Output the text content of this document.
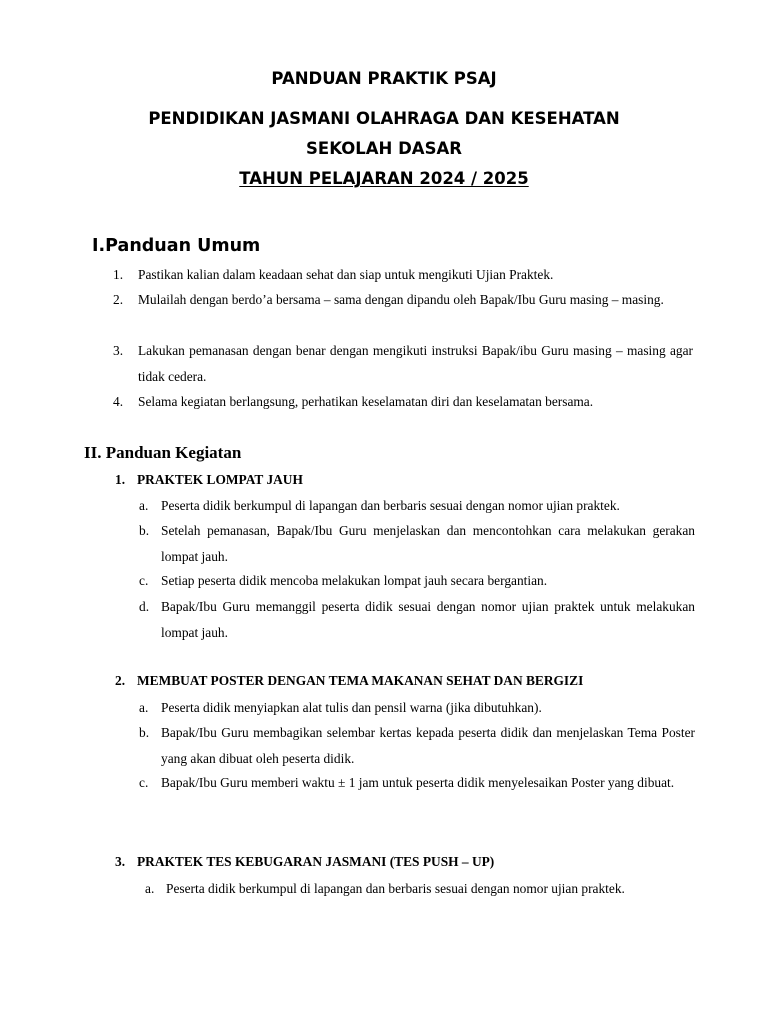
PANDUAN PRAKTIK PSAJ
PENDIDIKAN JASMANI OLAHRAGA DAN KESEHATAN
SEKOLAH DASAR
TAHUN PELAJARAN 2024 / 2025
I.Panduan Umum
1. Pastikan kalian dalam keadaan sehat dan siap untuk mengikuti Ujian Praktek.
2. Mulailah dengan berdo’a bersama – sama dengan dipandu oleh Bapak/Ibu Guru masing – masing.
3. Lakukan pemanasan dengan benar dengan mengikuti instruksi Bapak/ibu Guru masing – masing agar tidak cedera.
4. Selama kegiatan berlangsung, perhatikan keselamatan diri dan keselamatan bersama.
II. Panduan Kegiatan
1. PRAKTEK LOMPAT JAUH
a. Peserta didik berkumpul di lapangan dan berbaris sesuai dengan nomor ujian praktek.
b. Setelah pemanasan, Bapak/Ibu Guru menjelaskan dan mencontohkan cara melakukan gerakan lompat jauh.
c. Setiap peserta didik mencoba melakukan lompat jauh secara bergantian.
d. Bapak/Ibu Guru memanggil peserta didik sesuai dengan nomor ujian praktek untuk melakukan lompat jauh.
2. MEMBUAT POSTER DENGAN TEMA MAKANAN SEHAT DAN BERGIZI
a. Peserta didik menyiapkan alat tulis dan pensil warna (jika dibutuhkan).
b. Bapak/Ibu Guru membagikan selembar kertas kepada peserta didik dan menjelaskan Tema Poster yang akan dibuat oleh peserta didik.
c. Bapak/Ibu Guru memberi waktu ± 1 jam untuk peserta didik menyelesaikan Poster yang dibuat.
3. PRAKTEK TES KEBUGARAN JASMANI (TES PUSH – UP)
a. Peserta didik berkumpul di lapangan dan berbaris sesuai dengan nomor ujian praktek.
